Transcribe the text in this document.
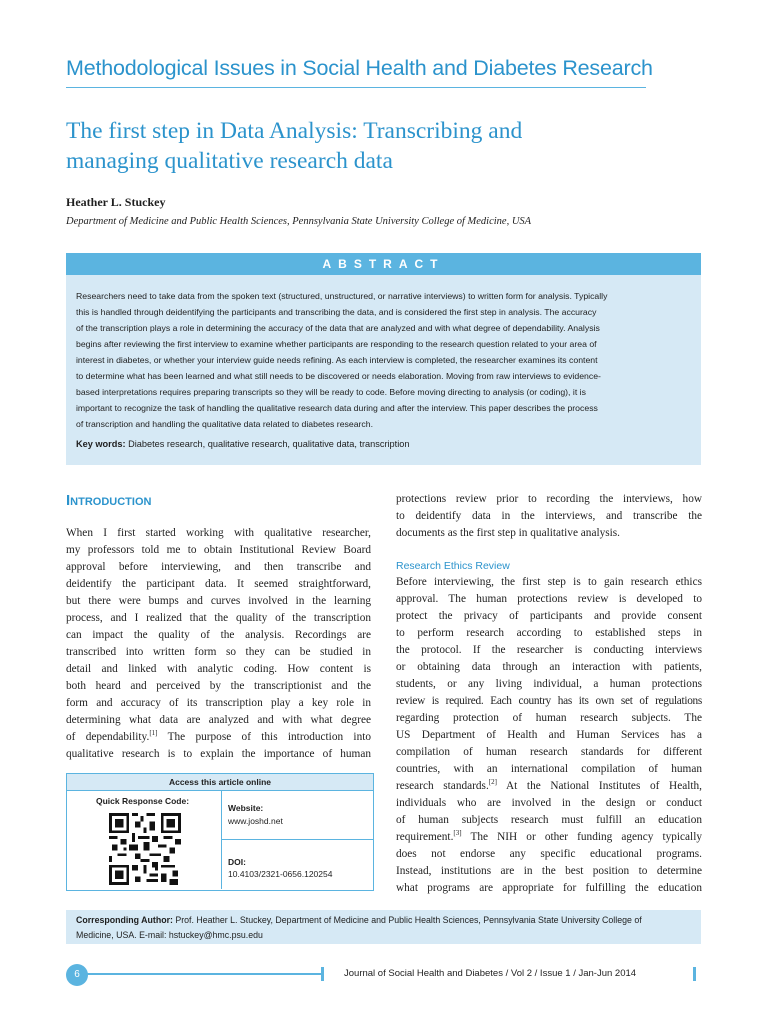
Methodological Issues in Social Health and Diabetes Research
The first step in Data Analysis: Transcribing and
managing qualitative research data
Heather L. Stuckey
Department of Medicine and Public Health Sciences, Pennsylvania State University College of Medicine, USA
ABSTRACT
Researchers need to take data from the spoken text (structured, unstructured, or narrative interviews) to written form for analysis. Typically
this is handled through deidentifying the participants and transcribing the data, and is considered the first step in analysis. The accuracy
of the transcription plays a role in determining the accuracy of the data that are analyzed and with what degree of dependability. Analysis
begins after reviewing the first interview to examine whether participants are responding to the research question related to your area of
interest in diabetes, or whether your interview guide needs refining. As each interview is completed, the researcher examines its content
to determine what has been learned and what still needs to be discovered or needs elaboration. Moving from raw interviews to evidence-
based interpretations requires preparing transcripts so they will be ready to code. Before moving directing to analysis (or coding), it is
important to recognize the task of handling the qualitative research data during and after the interview. This paper describes the process
of transcription and handling the qualitative data related to diabetes research.
Key words: Diabetes research, qualitative research, qualitative data, transcription
Introduction
When I first started working with qualitative researcher,
my professors told me to obtain Institutional Review Board
approval before interviewing, and then transcribe and
deidentify the participant data. It seemed straightforward,
but there were bumps and curves involved in the learning
process, and I realized that the quality of the transcription
can impact the quality of the analysis. Recordings are
transcribed into written form so they can be studied in
detail and linked with analytic coding. How content is
both heard and perceived by the transcriptionist and the
form and accuracy of its transcription play a key role in
determining what data are analyzed and with what degree
of dependability.[1] The purpose of this introduction into
qualitative research is to explain the importance of human
Access this article online
Quick Response Code:
Website:
www.joshd.net
DOI:
10.4103/2321-0656.120254
protections review prior to recording the interviews, how
to deidentify data in the interviews, and transcribe the
documents as the first step in qualitative analysis.
Research Ethics Review
Before interviewing, the first step is to gain research ethics
approval. The human protections review is developed to
protect the privacy of participants and provide consent
to perform research according to established steps in
the protocol. If the researcher is conducting interviews
or obtaining data through an interaction with patients,
students, or any living individual, a human protections
review is required. Each country has its own set of regulations
regarding protection of human research subjects. The
US Department of Health and Human Services has a
compilation of human research standards for different
countries, with an international compilation of human
research standards.[2] At the National Institutes of Health,
individuals who are involved in the design or conduct
of human subjects research must fulfill an education
requirement.[3] The NIH or other funding agency typically
does not endorse any specific educational programs.
Instead, institutions are in the best position to determine
what programs are appropriate for fulfilling the education
Corresponding Author: Prof. Heather L. Stuckey, Department of Medicine and Public Health Sciences, Pennsylvania State University College of
Medicine, USA. E-mail: hstuckey@hmc.psu.edu
6	Journal of Social Health and Diabetes / Vol 2 / Issue 1 / Jan-Jun 2014
